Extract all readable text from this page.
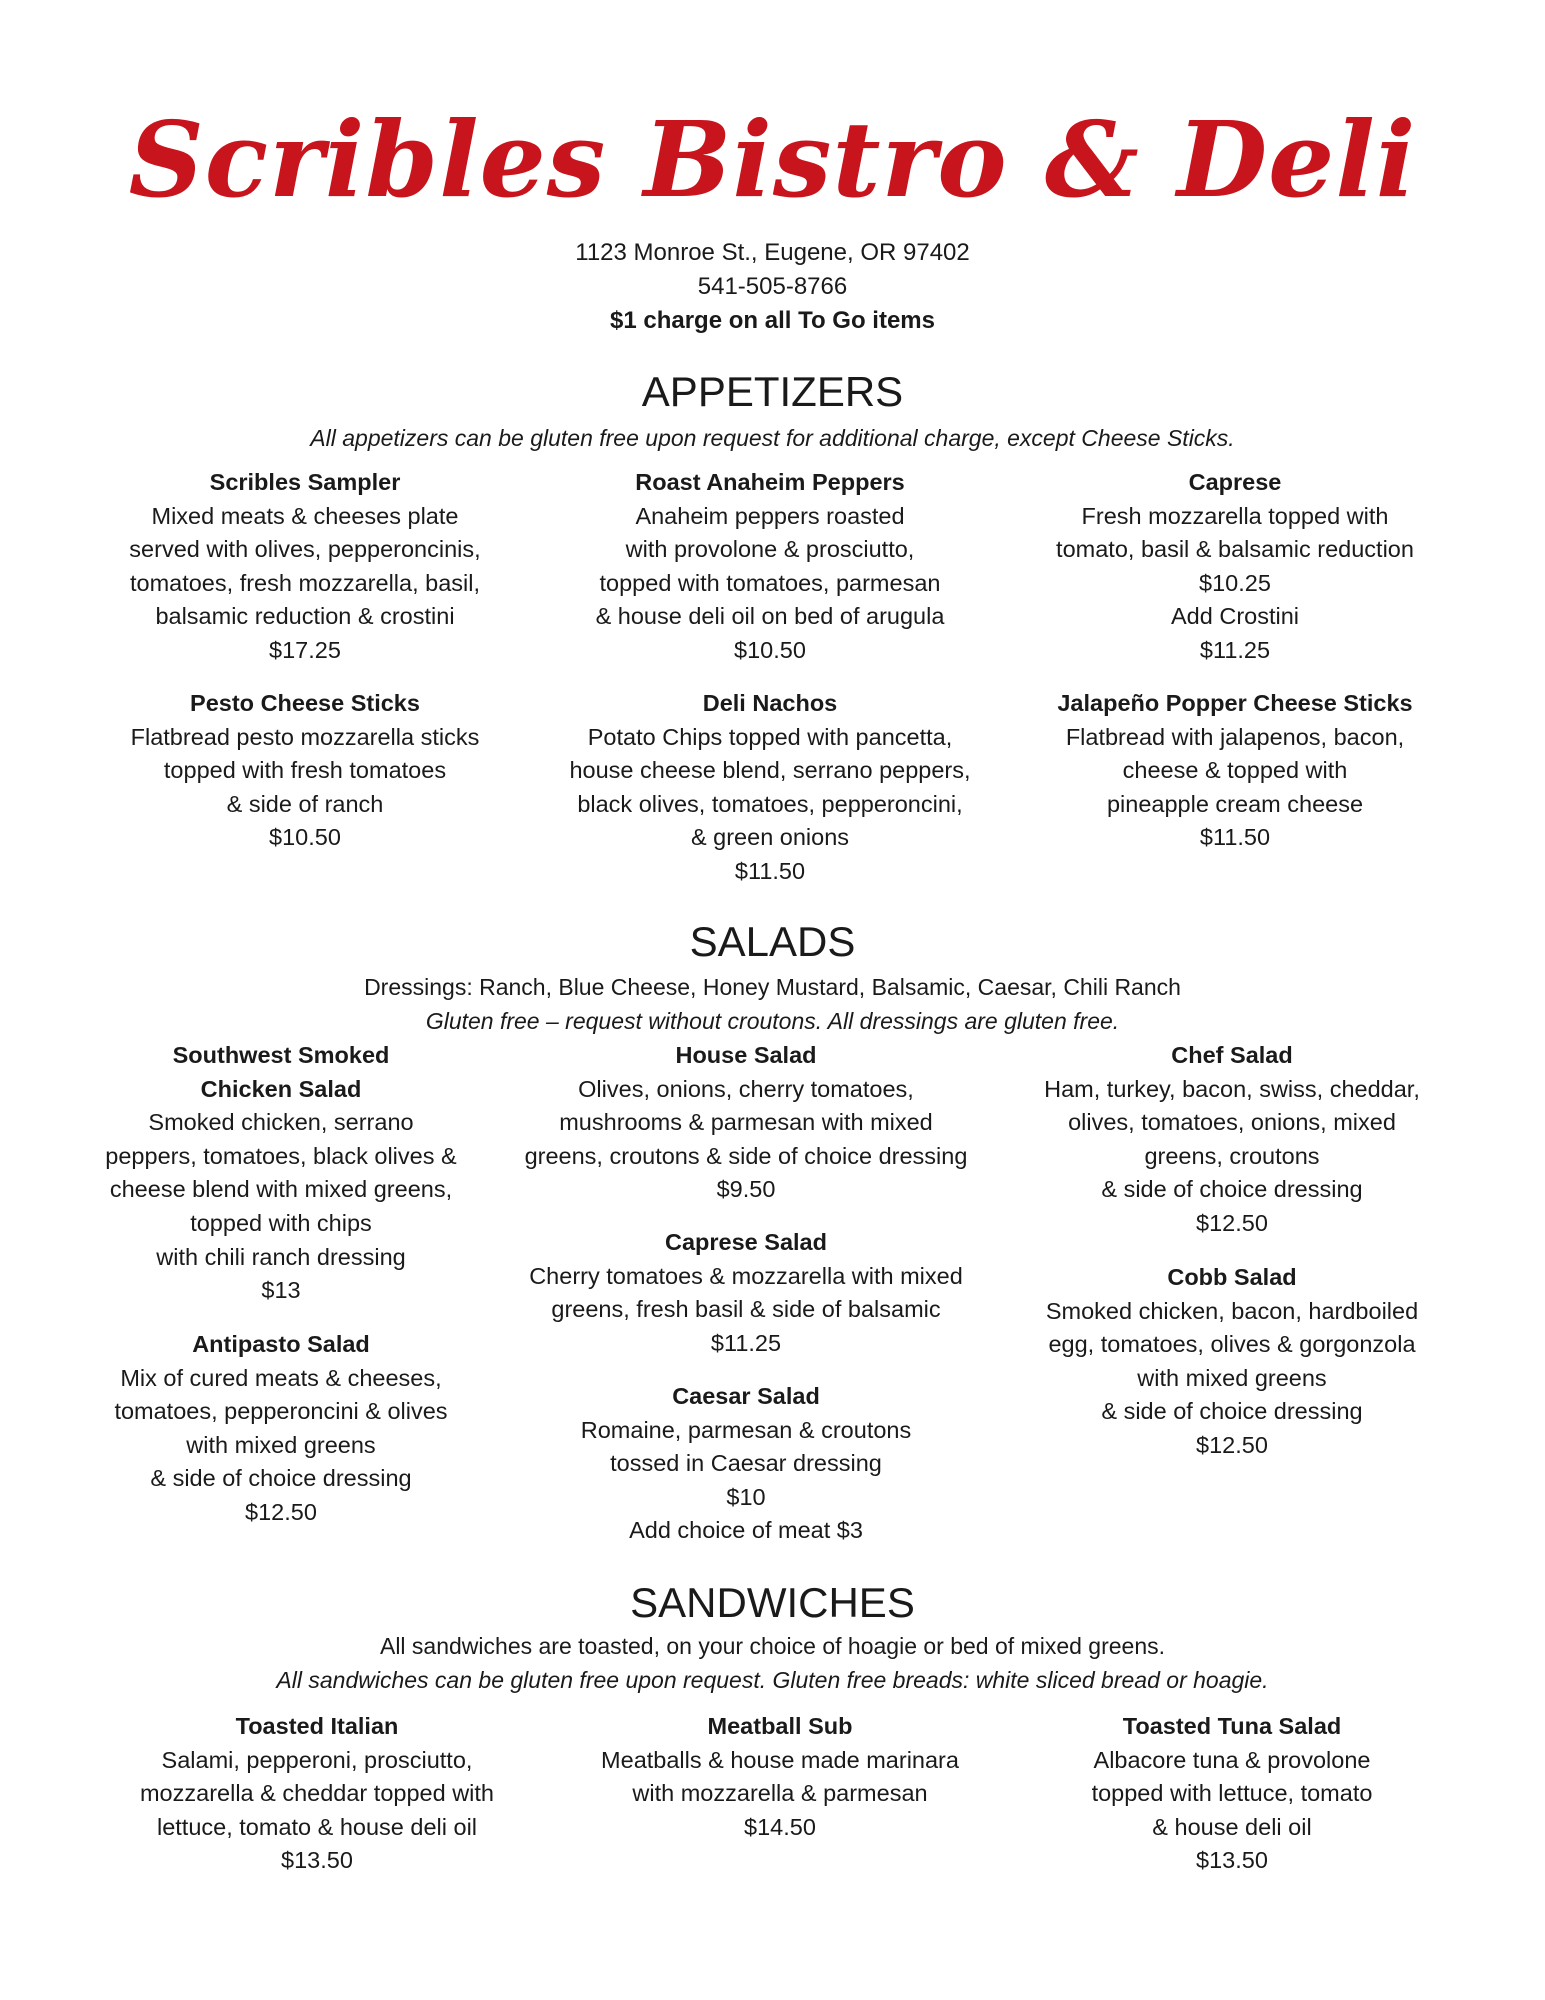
Scribles Bistro & Deli
1123 Monroe St., Eugene, OR 97402
541-505-8766
$1 charge on all To Go items
APPETIZERS
All appetizers can be gluten free upon request for additional charge, except Cheese Sticks.
Scribles Sampler
Mixed meats & cheeses plate
served with olives, pepperoncinis,
tomatoes, fresh mozzarella, basil,
balsamic reduction & crostini
$17.25
Roast Anaheim Peppers
Anaheim peppers roasted
with provolone & prosciutto,
topped with tomatoes, parmesan
& house deli oil on bed of arugula
$10.50
Caprese
Fresh mozzarella topped with
tomato, basil & balsamic reduction
$10.25
Add Crostini
$11.25
Pesto Cheese Sticks
Flatbread pesto mozzarella sticks
topped with fresh tomatoes
& side of ranch
$10.50
Deli Nachos
Potato Chips topped with pancetta,
house cheese blend, serrano peppers,
black olives, tomatoes, pepperoncini,
& green onions
$11.50
Jalapeño Popper Cheese Sticks
Flatbread with jalapenos, bacon,
cheese & topped with
pineapple cream cheese
$11.50
SALADS
Dressings: Ranch, Blue Cheese, Honey Mustard, Balsamic, Caesar, Chili Ranch
Gluten free – request without croutons. All dressings are gluten free.
Southwest Smoked
Chicken Salad
Smoked chicken, serrano
peppers, tomatoes, black olives &
cheese blend with mixed greens,
topped with chips
with chili ranch dressing
$13
Antipasto Salad
Mix of cured meats & cheeses,
tomatoes, pepperoncini & olives
with mixed greens
& side of choice dressing
$12.50
House Salad
Olives, onions, cherry tomatoes,
mushrooms & parmesan with mixed
greens, croutons & side of choice dressing
$9.50
Caprese Salad
Cherry tomatoes & mozzarella with mixed
greens, fresh basil & side of balsamic
$11.25
Caesar Salad
Romaine, parmesan & croutons
tossed in Caesar dressing
$10
Add choice of meat $3
Chef Salad
Ham, turkey, bacon, swiss, cheddar,
olives, tomatoes, onions, mixed
greens, croutons
& side of choice dressing
$12.50
Cobb Salad
Smoked chicken, bacon, hardboiled
egg, tomatoes, olives & gorgonzola
with mixed greens
& side of choice dressing
$12.50
SANDWICHES
All sandwiches are toasted, on your choice of hoagie or bed of mixed greens.
All sandwiches can be gluten free upon request. Gluten free breads: white sliced bread or hoagie.
Toasted Italian
Salami, pepperoni, prosciutto,
mozzarella & cheddar topped with
lettuce, tomato & house deli oil
$13.50
Meatball Sub
Meatballs & house made marinara
with mozzarella & parmesan
$14.50
Toasted Tuna Salad
Albacore tuna & provolone
topped with lettuce, tomato
& house deli oil
$13.50
